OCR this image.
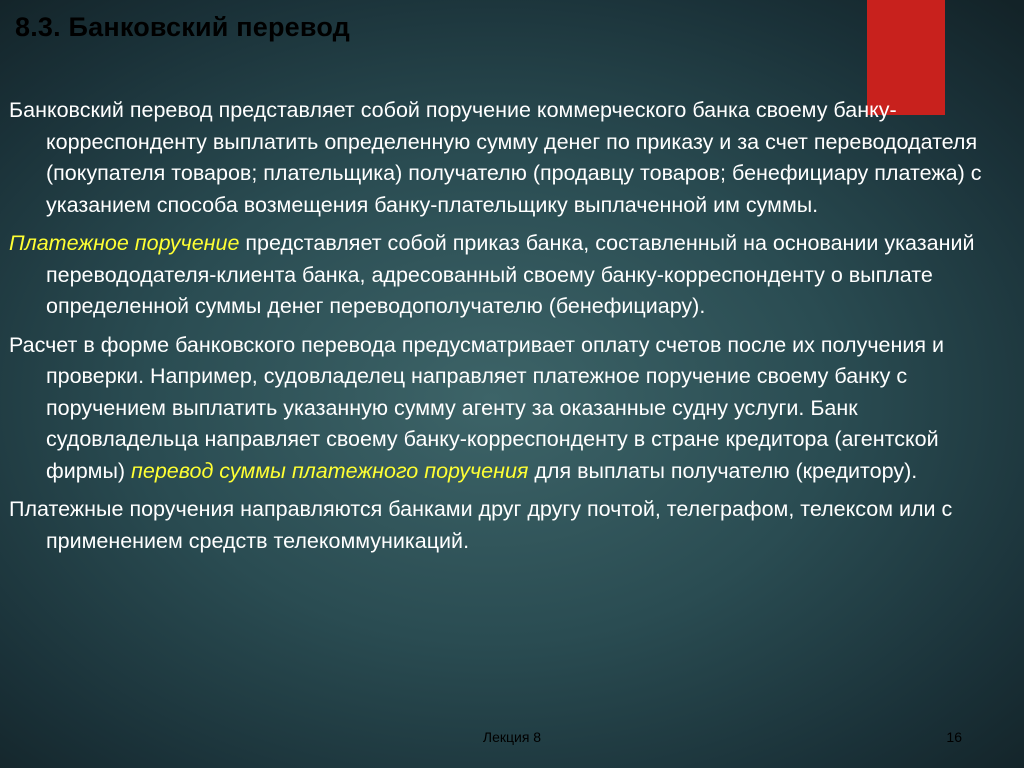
8.3. Банковский перевод

Банковский перевод представляет собой поручение коммерческого банка своему банку-корреспонденту выплатить определенную сумму денег по приказу и за счет перевододателя (покупателя товаров; плательщика) получателю (продавцу товаров; бенефициару платежа) с указанием способа возмещения банку-плательщику выплаченной им суммы.

Платежное поручение представляет собой приказ банка, составленный на основании указаний перевододателя-клиента банка, адресованный своему банку-корреспонденту о выплате определенной суммы денег переводополучателю (бенефициару).

Расчет в форме банковского перевода предусматривает оплату счетов после их получения и проверки. Например, судовладелец направляет платежное поручение своему банку с поручением выплатить указанную сумму агенту за оказанные судну услуги. Банк судовладельца направляет своему банку-корреспонденту в стране кредитора (агентской фирмы) перевод суммы платежного поручения для выплаты получателю (кредитору).

Платежные поручения направляются банками друг другу почтой, телеграфом, телексом или с применением средств телекоммуникаций.

Лекция 8	16
